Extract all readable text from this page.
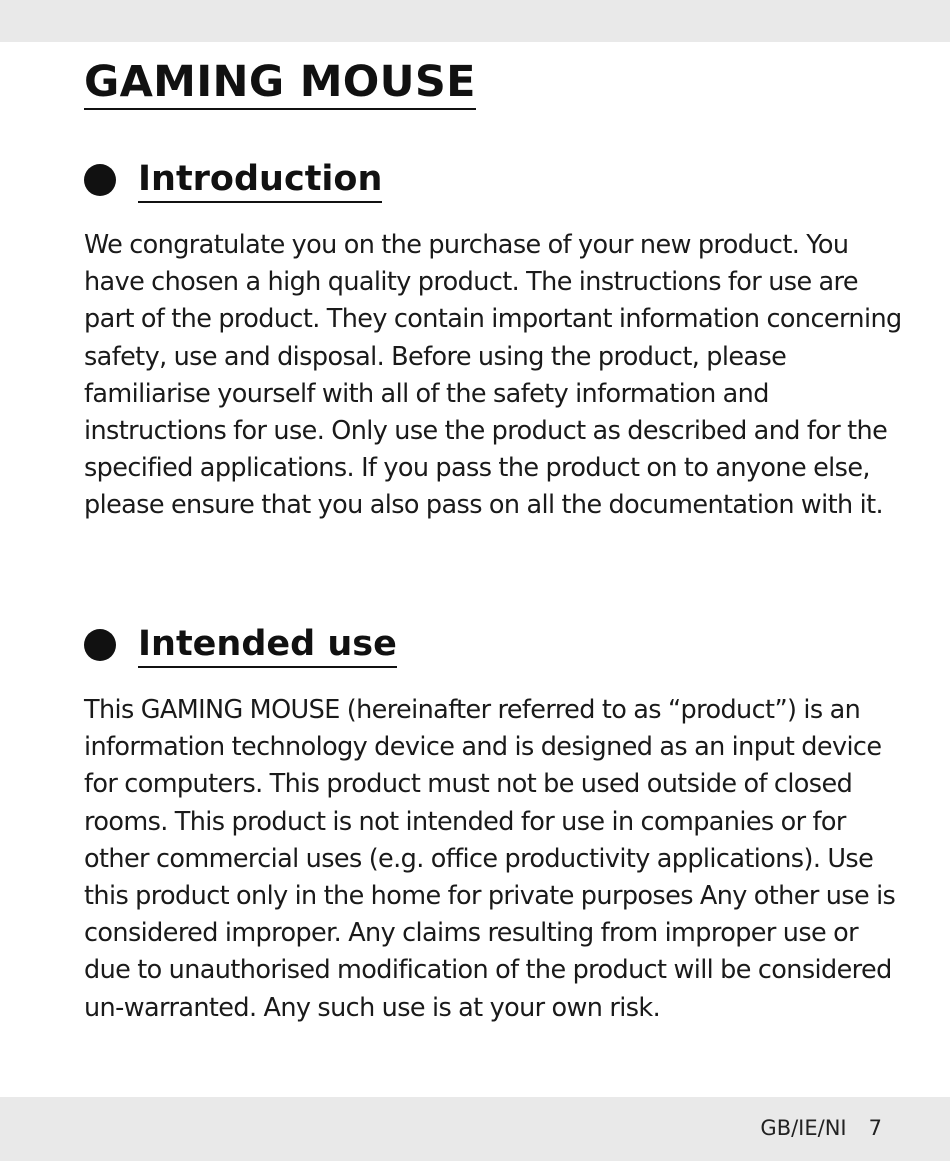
GAMING MOUSE
Introduction

We congratulate you on the purchase of your new product. You have chosen a high quality product. The instructions for use are part of the product. They contain important information concerning safety, use and disposal. Before using the product, please familiarise yourself with all of the safety information and instructions for use. Only use the product as described and for the specified applications. If you pass the product on to anyone else, please ensure that you also pass on all the documentation with it.

Intended use

This GAMING MOUSE (hereinafter referred to as “product”) is an information technology device and is designed as an input device for computers. This product must not be used outside of closed rooms. This product is not intended for use in companies or for other commercial uses (e.g. office productivity applications). Use this product only in the home for private purposes Any other use is considered improper. Any claims resulting from improper use or due to unauthorised modification of the product will be considered un-warranted. Any such use is at your own risk.

GB/IE/NI 7
